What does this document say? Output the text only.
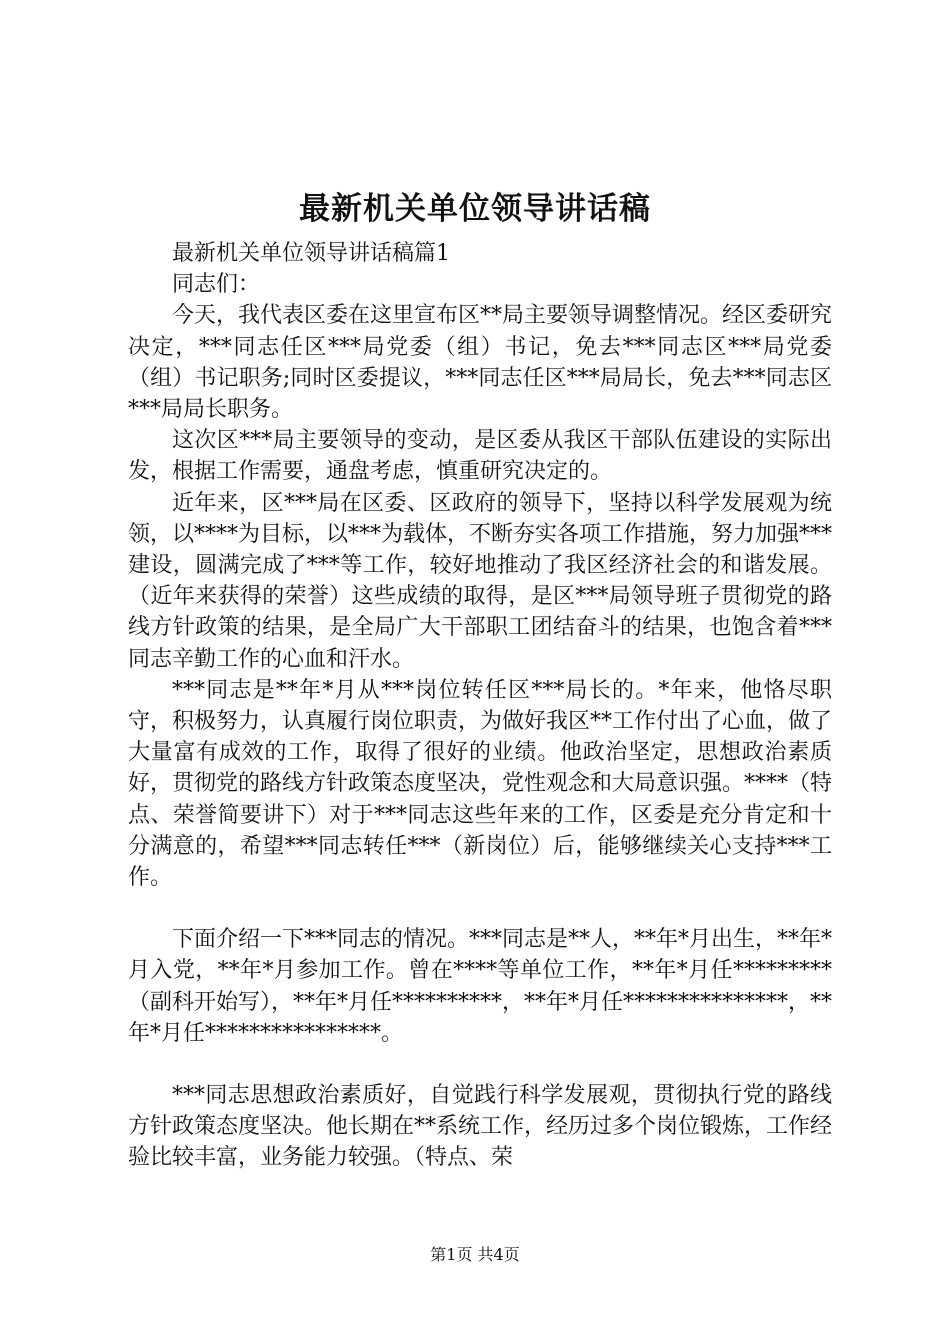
最新机关单位领导讲话稿

最新机关单位领导讲话稿篇1

同志们：

今天，我代表区委在这里宣布区**局主要领导调整情况。经区委研究决定，***同志任区***局党委（组）书记，免去***同志区***局党委（组）书记职务;同时区委提议，***同志任区***局局长，免去***同志区***局局长职务。

这次区***局主要领导的变动，是区委从我区干部队伍建设的实际出发，根据工作需要，通盘考虑，慎重研究决定的。

近年来，区***局在区委、区政府的领导下，坚持以科学发展观为统领，以****为目标，以***为载体，不断夯实各项工作措施，努力加强***建设，圆满完成了***等工作，较好地推动了我区经济社会的和谐发展。（近年来获得的荣誉）这些成绩的取得，是区***局领导班子贯彻党的路线方针政策的结果，是全局广大干部职工团结奋斗的结果，也饱含着***同志辛勤工作的心血和汗水。

***同志是**年*月从***岗位转任区***局长的。*年来，他恪尽职守，积极努力，认真履行岗位职责，为做好我区**工作付出了心血，做了大量富有成效的工作，取得了很好的业绩。他政治坚定，思想政治素质好，贯彻党的路线方针政策态度坚决，党性观念和大局意识强。****（特点、荣誉简要讲下）对于***同志这些年来的工作，区委是充分肯定和十分满意的，希望***同志转任***（新岗位）后，能够继续关心支持***工作。

下面介绍一下***同志的情况。***同志是**人，**年*月出生，**年*月入党，**年*月参加工作。曾在****等单位工作，**年*月任*********（副科开始写），**年*月任**********，**年*月任***************，**年*月任****************。

***同志思想政治素质好，自觉践行科学发展观，贯彻执行党的路线方针政策态度坚决。他长期在**系统工作，经历过多个岗位锻炼，工作经验比较丰富，业务能力较强。（特点、荣

第1页 共4页
